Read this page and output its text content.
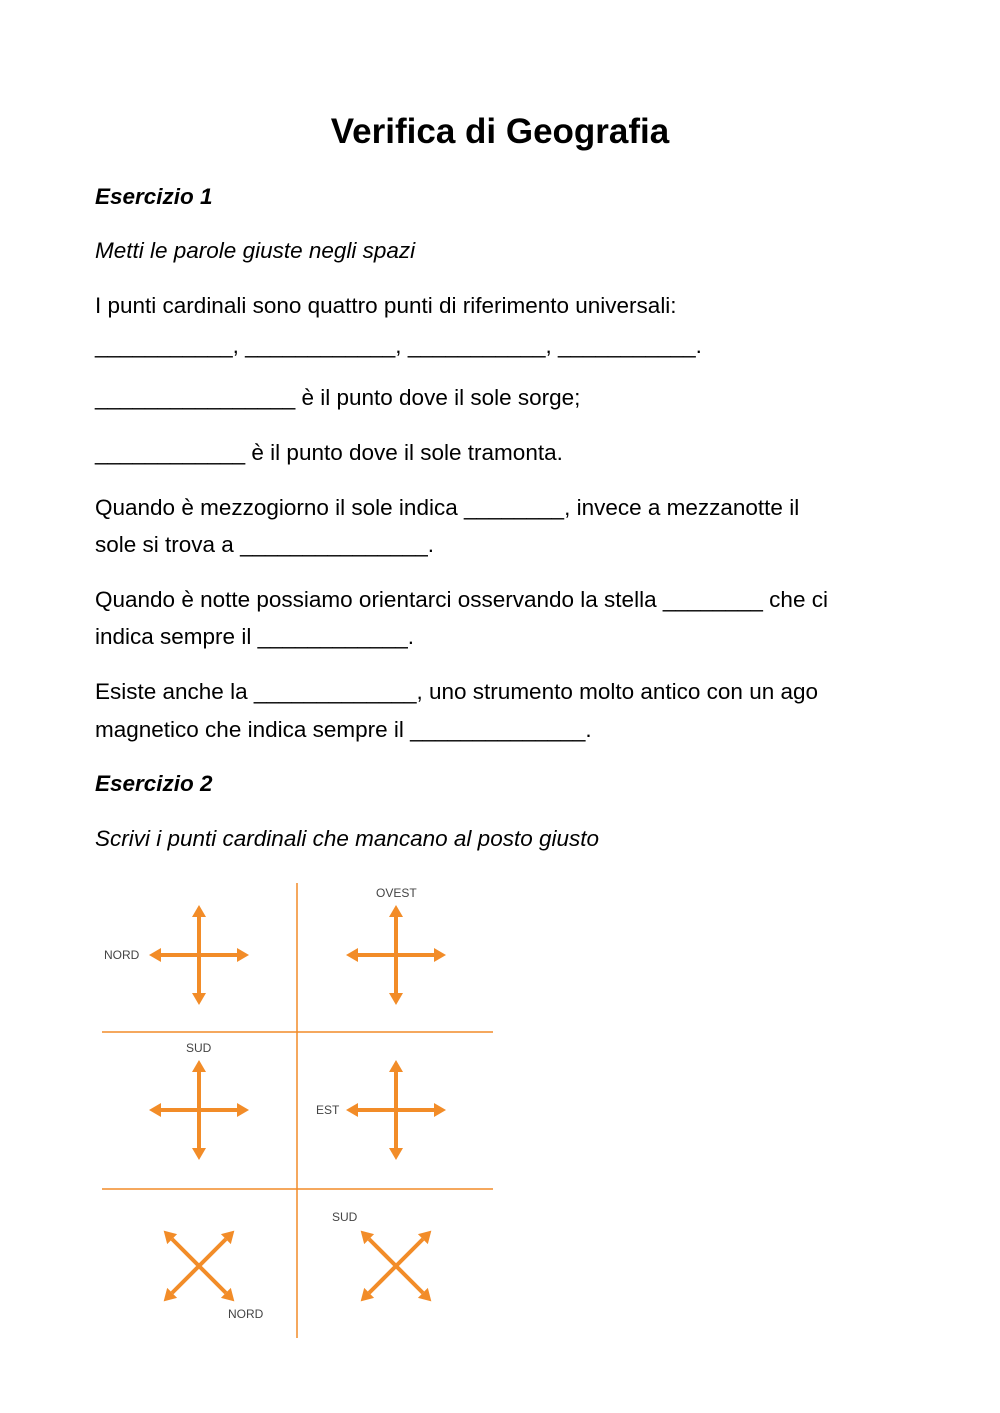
Verifica di Geografia
Esercizio 1
Metti le parole giuste negli spazi
I punti cardinali sono quattro punti di riferimento universali:
___________, ____________, ___________, ___________.
________________ è il punto dove il sole sorge;
____________ è il punto dove il sole tramonta.
Quando è mezzogiorno il sole indica ________, invece a mezzanotte il
sole si trova a _______________.
Quando è notte possiamo orientarci osservando la stella ________ che ci
indica sempre il ____________.
Esiste anche la _____________, uno strumento molto antico con un ago
magnetico che indica sempre il ______________.
Esercizio 2
Scrivi i punti cardinali che mancano al posto giusto
NORD
OVEST
SUD
EST
NORD
SUD
